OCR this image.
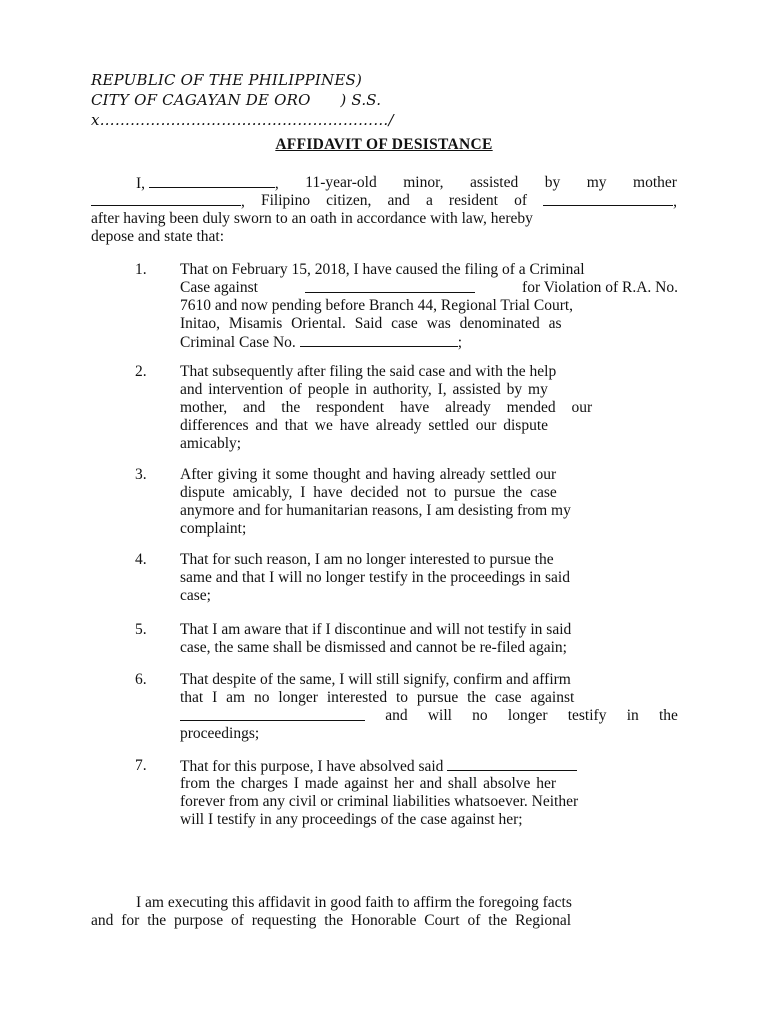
REPUBLIC OF THE PHILIPPINES)
CITY OF CAGAYAN DE ORO      ) S.S.
x…………………………………………………/
AFFIDAVIT OF DESISTANCE
I,	, 11-year-old minor, assisted by my mother
, Filipino citizen, and a resident of	,
after having been duly sworn to an oath in accordance with law, hereby
depose and state that:
1.	That on February 15, 2018, I have caused the filing of a Criminal
Case against	for Violation of R.A. No.
7610 and now pending before Branch 44, Regional Trial Court,
Initao, Misamis Oriental. Said case was denominated as
Criminal Case No.	;
2.	That subsequently after filing the said case and with the help
and intervention of people in authority, I, assisted by my
mother, and the respondent have already mended our
differences and that we have already settled our dispute
amicably;
3.	After giving it some thought and having already settled our
dispute amicably, I have decided not to pursue the case
anymore and for humanitarian reasons, I am desisting from my
complaint;
4.	That for such reason, I am no longer interested to pursue the
same and that I will no longer testify in the proceedings in said
case;
5.	That I am aware that if I discontinue and will not testify in said
case, the same shall be dismissed and cannot be re-filed again;
6.	That despite of the same, I will still signify, confirm and affirm
that I am no longer interested to pursue the case against
and will no longer testify in the
proceedings;
7.	That for this purpose, I have absolved said
from the charges I made against her and shall absolve her
forever from any civil or criminal liabilities whatsoever. Neither
will I testify in any proceedings of the case against her;
I am executing this affidavit in good faith to affirm the foregoing facts
and for the purpose of requesting the Honorable Court of the Regional
